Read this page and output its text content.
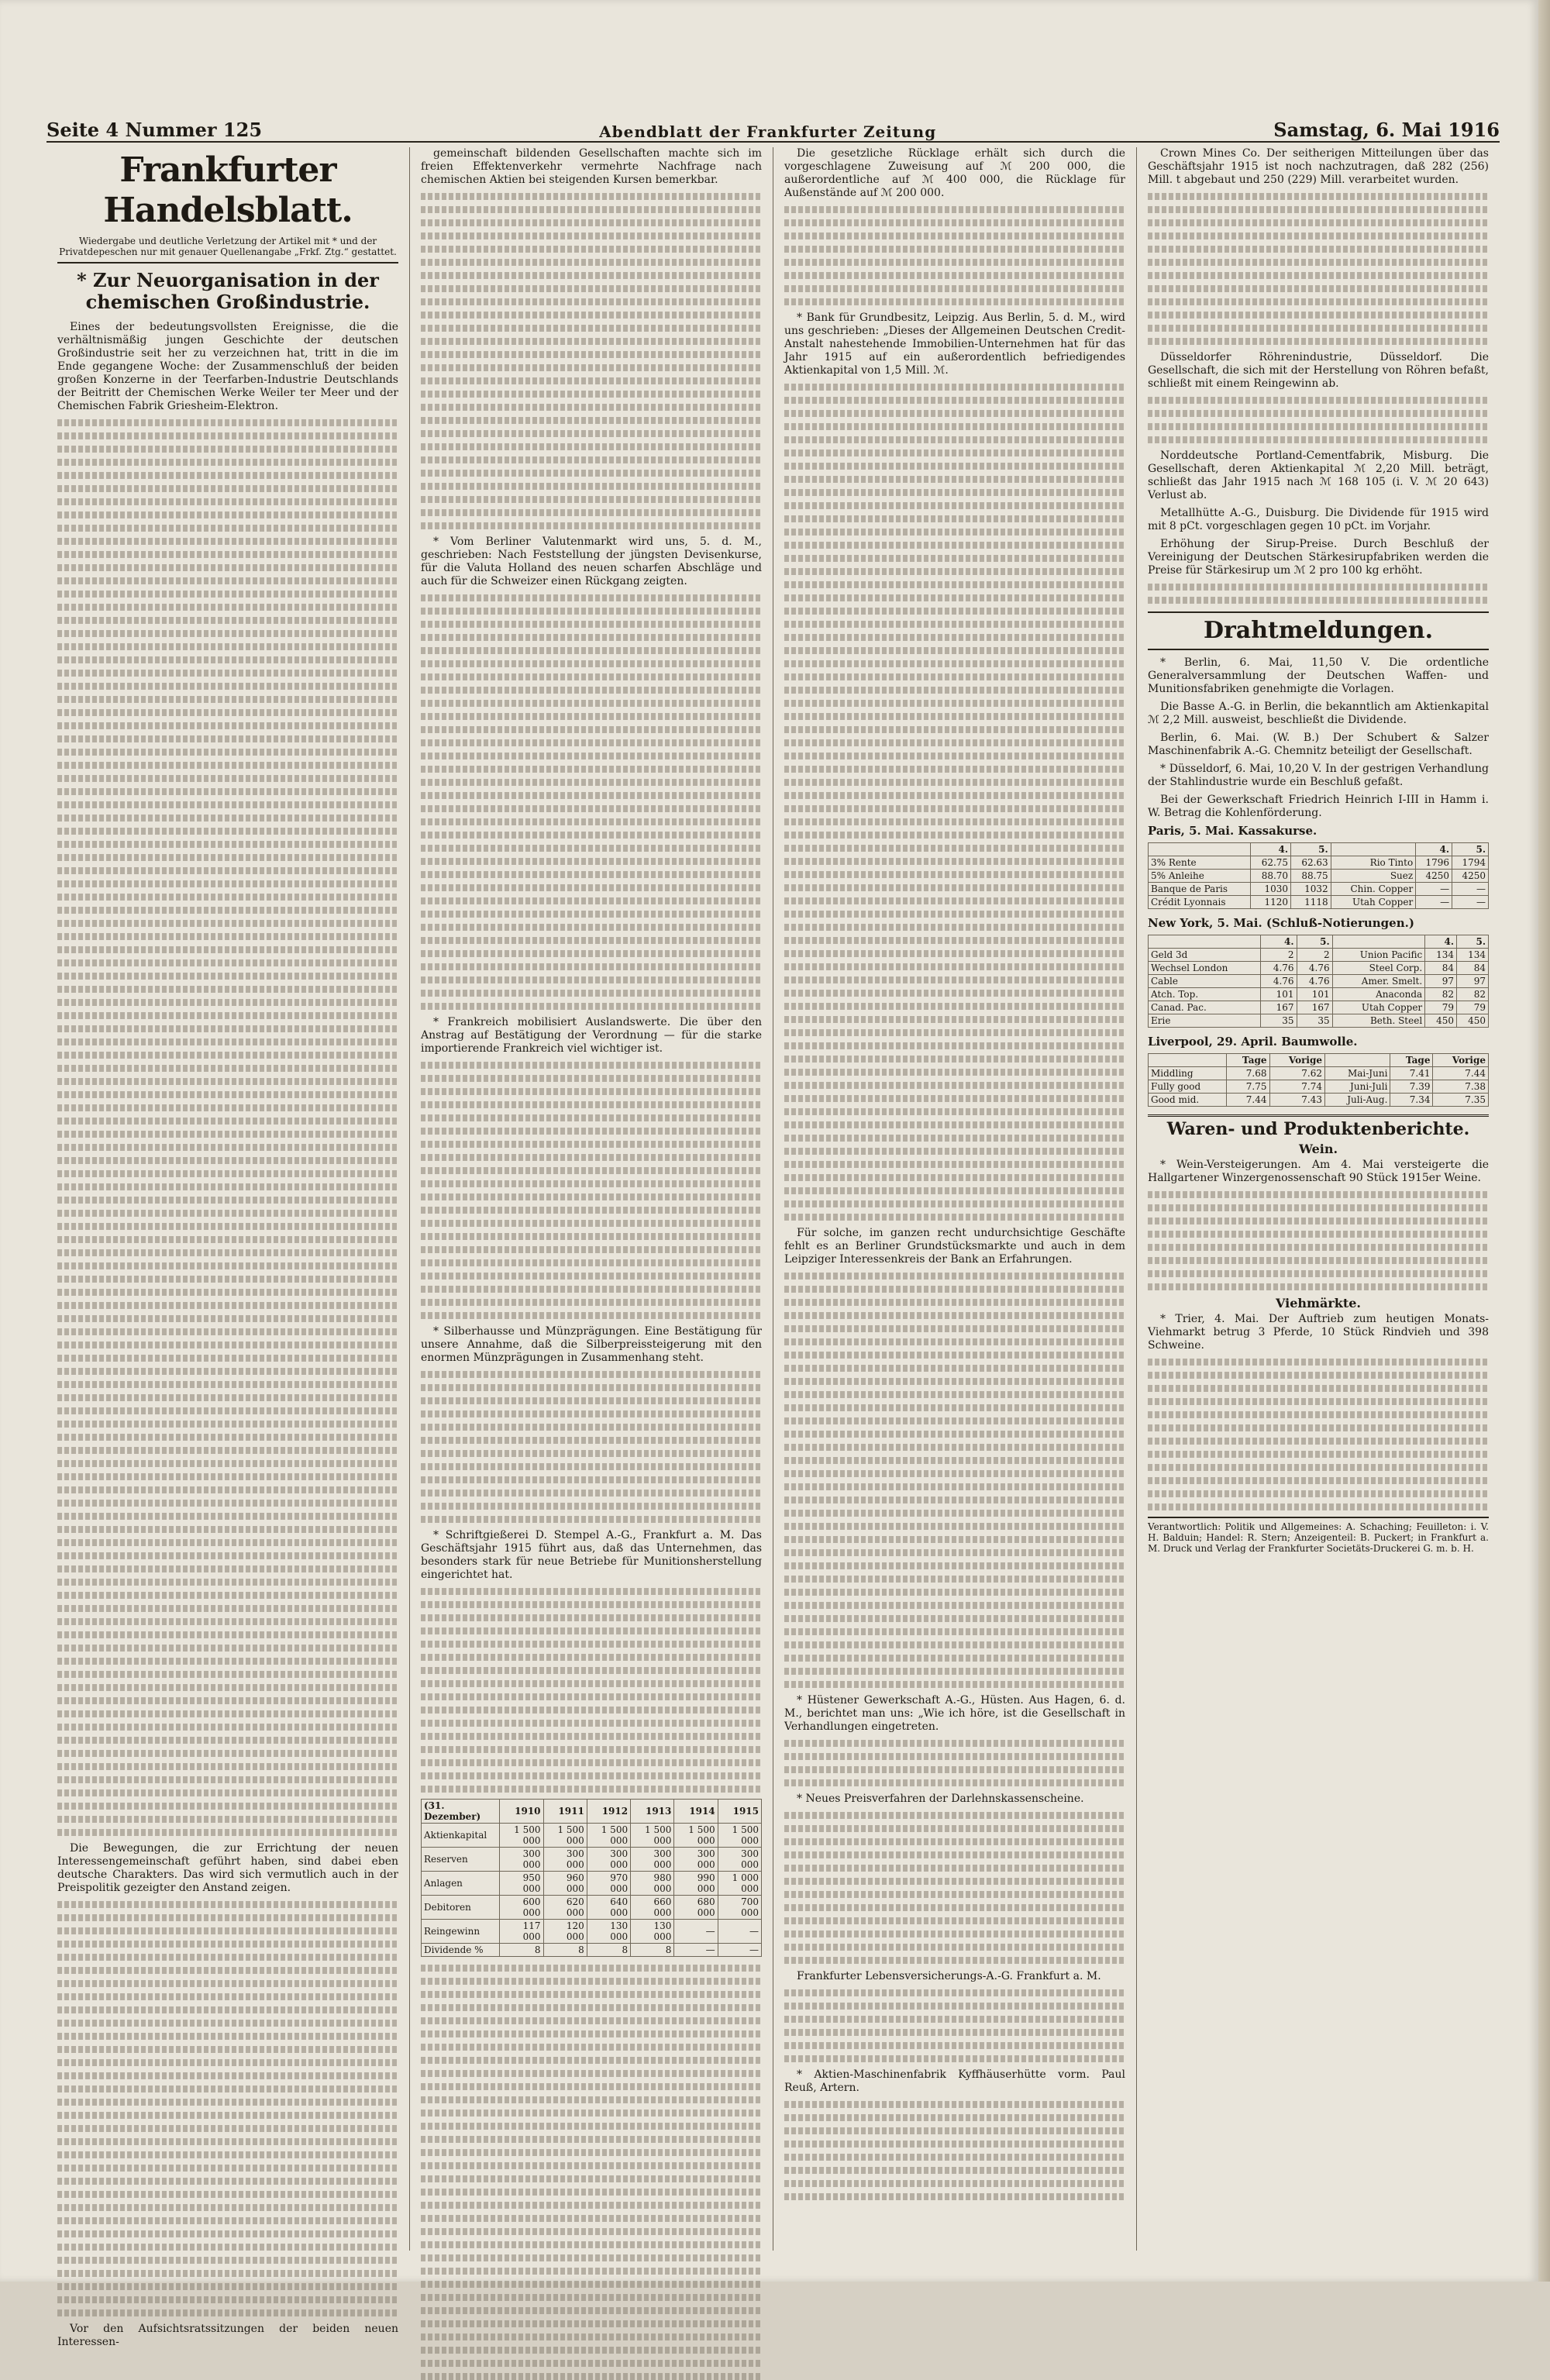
Seite 4 Nummer 125	Abendblatt der Frankfurter Zeitung	Samstag, 6. Mai 1916
Frankfurter Handelsblatt.
Wiedergabe und deutliche Verletzung der Artikel mit * und der Privatdepeschen nur mit genauer Quellenangabe „Frkf. Ztg.“ gestattet.
* Zur Neuorganisation in der chemischen Großindustrie.

Eines der bedeutungsvollsten Ereignisse, die die verhältnismäßig jungen Geschichte der deutschen Großindustrie seit her zu verzeichnen hat, tritt in die im Ende gegangene Woche: der Zusammenschluß der beiden großen Konzerne in der Teerfarben-Industrie Deutschlands der Beitritt der Chemischen Werke Weiler ter Meer und der Chemischen Fabrik Griesheim-Elektron.

Die Bewegungen, die zur Errichtung der neuen Interessengemeinschaft geführt haben, sind dabei eben deutsche Charakters. Das wird sich vermutlich auch in der Preispolitik gezeigter den Anstand zeigen.

Vor den Aufsichtsratssitzungen der beiden neuen Interessen-

gemeinschaft bildenden Gesellschaften machte sich im freien Effektenverkehr vermehrte Nachfrage nach chemischen Aktien bei steigenden Kursen bemerkbar.

* Vom Berliner Valutenmarkt wird uns, 5. d. M., geschrieben: Nach Feststellung der jüngsten Devisenkurse, für die Valuta Holland des neuen scharfen Abschläge und auch für die Schweizer einen Rückgang zeigten.

* Frankreich mobilisiert Auslandswerte. Die über den Anstrag auf Bestätigung der Verordnung — für die starke importierende Frankreich viel wichtiger ist.

* Silberhausse und Münzprägungen. Eine Bestätigung für unsere Annahme, daß die Silberpreissteigerung mit den enormen Münzprägungen in Zusammenhang steht.

* Schriftgießerei D. Stempel A.-G., Frankfurt a. M. Das Geschäftsjahr 1915 führt aus, daß das Unternehmen, das besonders stark für neue Betriebe für Munitionsherstellung eingerichtet hat.

(31. Dezember)	1910	1911	1912	1913	1914	1915
Aktienkapital	1 500 000	1 500 000	1 500 000	1 500 000	1 500 000	1 500 000
Reserven	300 000	300 000	300 000	300 000	300 000	300 000
Anlagen	950 000	960 000	970 000	980 000	990 000	1 000 000
Debitoren	600 000	620 000	640 000	660 000	680 000	700 000
Reingewinn	117 000	120 000	130 000	130 000	—	—
Dividende %	8	8	8	8	—	—

Die gesetzliche Rücklage erhält sich durch die vorgeschlagene Zuweisung auf ℳ 200 000, die außerordentliche auf ℳ 400 000, die Rücklage für Außenstände auf ℳ 200 000.

* Bank für Grundbesitz, Leipzig. Aus Berlin, 5. d. M., wird uns geschrieben: „Dieses der Allgemeinen Deutschen Credit-Anstalt nahestehende Immobilien-Unternehmen hat für das Jahr 1915 auf ein außerordentlich befriedigendes Aktienkapital von 1,5 Mill. ℳ.

Für solche, im ganzen recht undurchsichtige Geschäfte fehlt es an Berliner Grundstücksmarkte und auch in dem Leipziger Interessenkreis der Bank an Erfahrungen.

* Hüstener Gewerkschaft A.-G., Hüsten. Aus Hagen, 6. d. M., berichtet man uns: „Wie ich höre, ist die Gesellschaft in Verhandlungen eingetreten.

* Neues Preisverfahren der Darlehnskassenscheine.

Frankfurter Lebensversicherungs-A.-G. Frankfurt a. M.

* Aktien-Maschinenfabrik Kyffhäuserhütte vorm. Paul Reuß, Artern.

Crown Mines Co. Der seitherigen Mitteilungen über das Geschäftsjahr 1915 ist noch nachzutragen, daß 282 (256) Mill. t abgebaut und 250 (229) Mill. verarbeitet wurden.

Düsseldorfer Röhrenindustrie, Düsseldorf. Die Gesellschaft, die sich mit der Herstellung von Röhren befaßt, schließt mit einem Reingewinn ab.

Norddeutsche Portland-Cementfabrik, Misburg. Die Gesellschaft, deren Aktienkapital ℳ 2,20 Mill. beträgt, schließt das Jahr 1915 nach ℳ 168 105 (i. V. ℳ 20 643) Verlust ab.

Metallhütte A.-G., Duisburg. Die Dividende für 1915 wird mit 8 pCt. vorgeschlagen gegen 10 pCt. im Vorjahr.

Erhöhung der Sirup-Preise. Durch Beschluß der Vereinigung der Deutschen Stärkesirupfabriken werden die Preise für Stärkesirup um ℳ 2 pro 100 kg erhöht.

Drahtmeldungen.

* Berlin, 6. Mai, 11,50 V. Die ordentliche Generalversammlung der Deutschen Waffen- und Munitionsfabriken genehmigte die Vorlagen.

Die Basse A.-G. in Berlin, die bekanntlich am Aktienkapital ℳ 2,2 Mill. ausweist, beschließt die Dividende.

Berlin, 6. Mai. (W. B.) Der Schubert & Salzer Maschinenfabrik A.-G. Chemnitz beteiligt der Gesellschaft.

* Düsseldorf, 6. Mai, 10,20 V. In der gestrigen Verhandlung der Stahlindustrie wurde ein Beschluß gefaßt.

Bei der Gewerkschaft Friedrich Heinrich I-III in Hamm i. W. Betrag die Kohlenförderung.

Paris, 5. Mai. Kassakurse.
	4.	5.		4.	5.
3% Rente	62.75	62.63	Rio Tinto	1796	1794
5% Anleihe	88.70	88.75	Suez	4250	4250
Banque de Paris	1030	1032	Chin. Copper	—	—
Crédit Lyonnais	1120	1118	Utah Copper	—	—
New York, 5. Mai. (Schluß-Notierungen.)
	4.	5.		4.	5.
Geld 3d	2	2	Union Pacific	134	134
Wechsel London	4.76	4.76	Steel Corp.	84	84
Cable	4.76	4.76	Amer. Smelt.	97	97
Atch. Top.	101	101	Anaconda	82	82
Canad. Pac.	167	167	Utah Copper	79	79
Erie	35	35	Beth. Steel	450	450
Liverpool, 29. April. Baumwolle.
	Tage	Vorige		Tage	Vorige
Middling	7.68	7.62	Mai-Juni	7.41	7.44
Fully good	7.75	7.74	Juni-Juli	7.39	7.38
Good mid.	7.44	7.43	Juli-Aug.	7.34	7.35
Waren- und Produktenberichte.
Wein.

* Wein-Versteigerungen. Am 4. Mai versteigerte die Hallgartener Winzergenossenschaft 90 Stück 1915er Weine.

Viehmärkte.

* Trier, 4. Mai. Der Auftrieb zum heutigen Monats-Viehmarkt betrug 3 Pferde, 10 Stück Rindvieh und 398 Schweine.

Verantwortlich: Politik und Allgemeines: A. Schaching; Feuilleton: i. V. H. Balduin; Handel: R. Stern; Anzeigenteil: B. Puckert; in Frankfurt a. M. Druck und Verlag der Frankfurter Societäts-Druckerei G. m. b. H.
